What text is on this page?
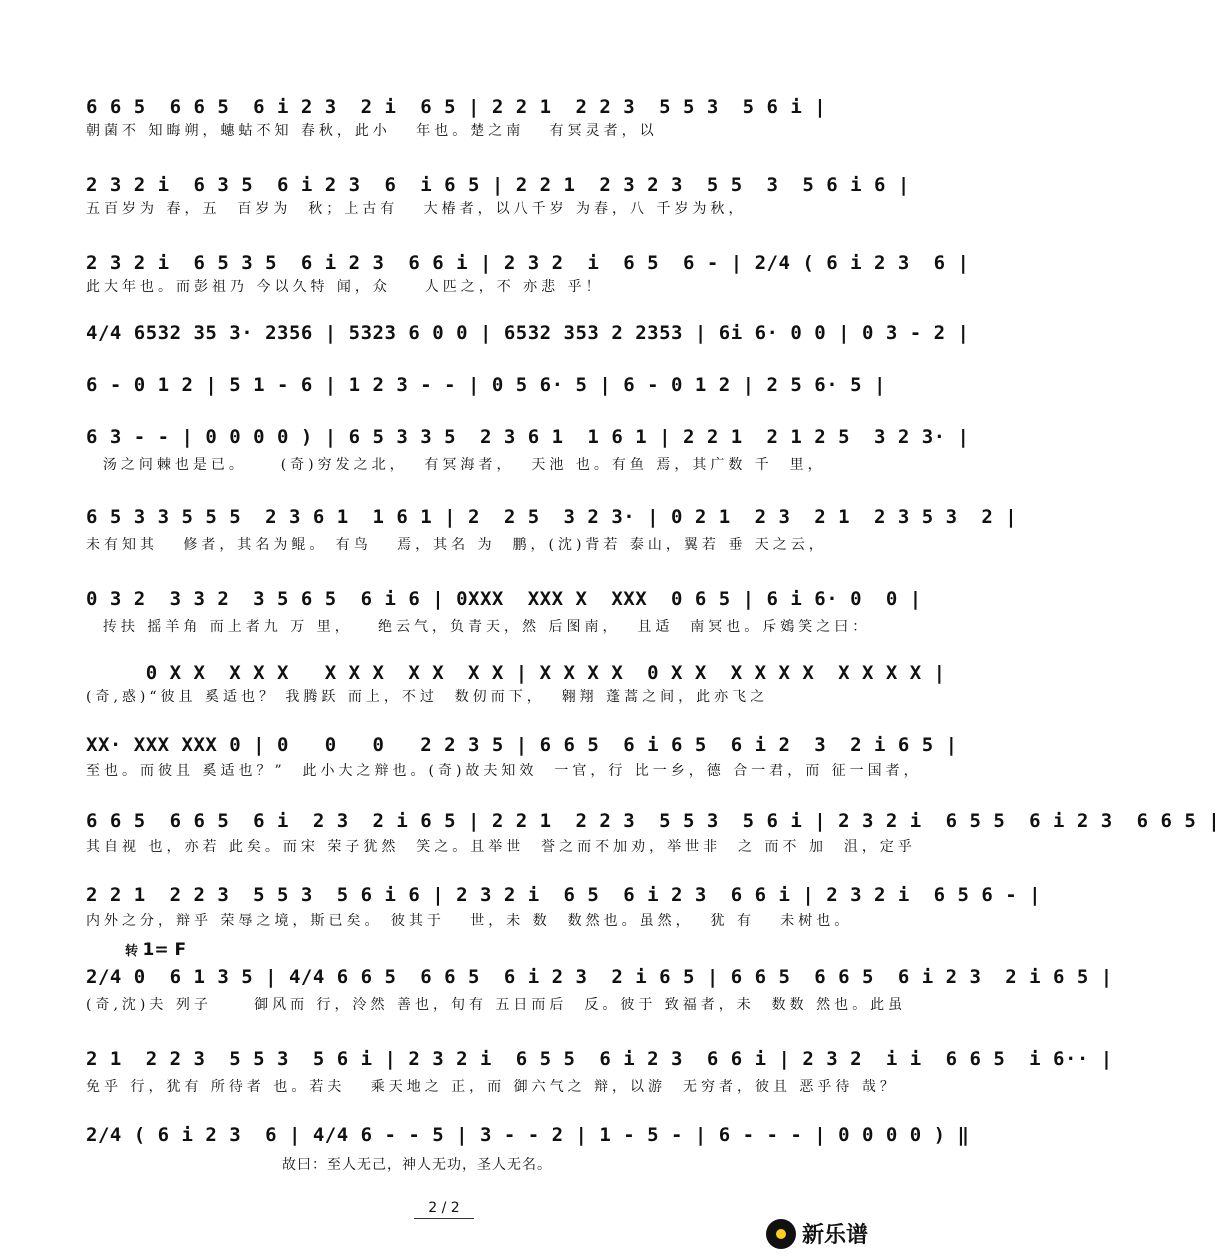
6 6 5  6 6 5  6 i 2 3  2 i  6 5 | 2 2 1  2 2 3  5 5 3  5 6 i |
朝菌不 知晦朔，蟪蛄不知 春秋，此小   年也。楚之南   有冥灵者，以
2 3 2 i  6 3 5  6 i 2 3  6  i 6 5 | 2 2 1  2 3 2 3  5 5  3  5 6 i 6 |
五百岁为 春，五  百岁为  秋；上古有   大椿者，以八千岁 为春，八 千岁为秋，
2 3 2 i  6 5 3 5  6 i 2 3  6 6 i | 2 3 2  i  6 5  6 - | 2/4 ( 6 i 2 3  6 |
此大年也。而彭祖乃 今以久特 闻，众    人匹之，不 亦悲 乎！
4/4 6532 35 3· 2356 | 5323 6 0 0 | 6532 353 2 2353 | 6i 6· 0 0 | 0 3 - 2 |
6 - 0 1 2 | 5 1 - 6 | 1 2 3 - - | 0 5 6· 5 | 6 - 0 1 2 | 2 5 6· 5 |
6 3 - - | 0 0 0 0 ) | 6 5 3 3 5  2 3 6 1  1 6 1 | 2 2 1  2 1 2 5  3 2 3· |
汤之问棘也是已。    (奇)穷发之北，  有冥海者，  天池 也。有鱼 焉，其广数 千  里，
6 5 3 3 5 5 5  2 3 6 1  1 6 1 | 2  2 5  3 2 3· | 0 2 1  2 3  2 1  2 3 5 3  2 |
未有知其   修者，其名为鲲。 有鸟   焉，其名 为  鹏，(沈)背若 泰山，翼若 垂 天之云，
0 3 2  3 3 2  3 5 6 5  6 i 6 | 0XXX  XXX X  XXX  0 6 5 | 6 i 6· 0  0 |
抟扶 摇羊角 而上者九 万 里，   绝云气，负青天，然 后图南，  且适  南冥也。斥鴳笑之曰：
0 X X  X X X   X X X  X X  X X | X X X X  0 X X  X X X X  X X X X |
(奇,惑)“彼且 奚适也？ 我腾跃 而上，不过  数仞而下，  翱翔 蓬蒿之间，此亦飞之
XX· XXX XXX 0 | 0   0   0   2 2 3 5 | 6 6 5  6 i 6 5  6 i 2  3  2 i 6 5 |
至也。而彼且 奚适也？”  此小大之辩也。(奇)故夫知效  一官，行 比一乡，德 合一君，而 征一国者，
6 6 5  6 6 5  6 i  2 3  2 i 6 5 | 2 2 1  2 2 3  5 5 3  5 6 i | 2 3 2 i  6 5 5  6 i 2 3  6 6 5 |
其自视 也，亦若 此矣。而宋 荣子犹然  笑之。且举世  誉之而不加劝，举世非  之 而不 加  沮，定乎
2 2 1  2 2 3  5 5 3  5 6 i 6 | 2 3 2 i  6 5  6 i 2 3  6 6 i | 2 3 2 i  6 5 6 - |
内外之分，辩乎 荣辱之境，斯已矣。 彼其于   世，未 数  数然也。虽然，  犹 有   未树也。
转 1= F
2/4 0  6 1 3 5 | 4/4 6 6 5  6 6 5  6 i 2 3  2 i 6 5 | 6 6 5  6 6 5  6 i 2 3  2 i 6 5 |
(奇,沈)夫 列子     御风而 行，泠然 善也，旬有 五日而后  反。彼于 致福者，未  数数 然也。此虽
2 1  2 2 3  5 5 3  5 6 i | 2 3 2 i  6 5 5  6 i 2 3  6 6 i | 2 3 2  i i  6 6 5  i 6·· |
免乎 行，犹有 所待者 也。若夫   乘天地之 正，而 御六气之 辩，以游  无穷者，彼且 恶乎待 哉？
2/4 ( 6 i 2 3  6 | 4/4 6 - - 5 | 3 - - 2 | 1 - 5 - | 6 - - - | 0 0 0 0 ) ‖
故曰：至人无己，神人无功，圣人无名。
2 / 2
新乐谱
